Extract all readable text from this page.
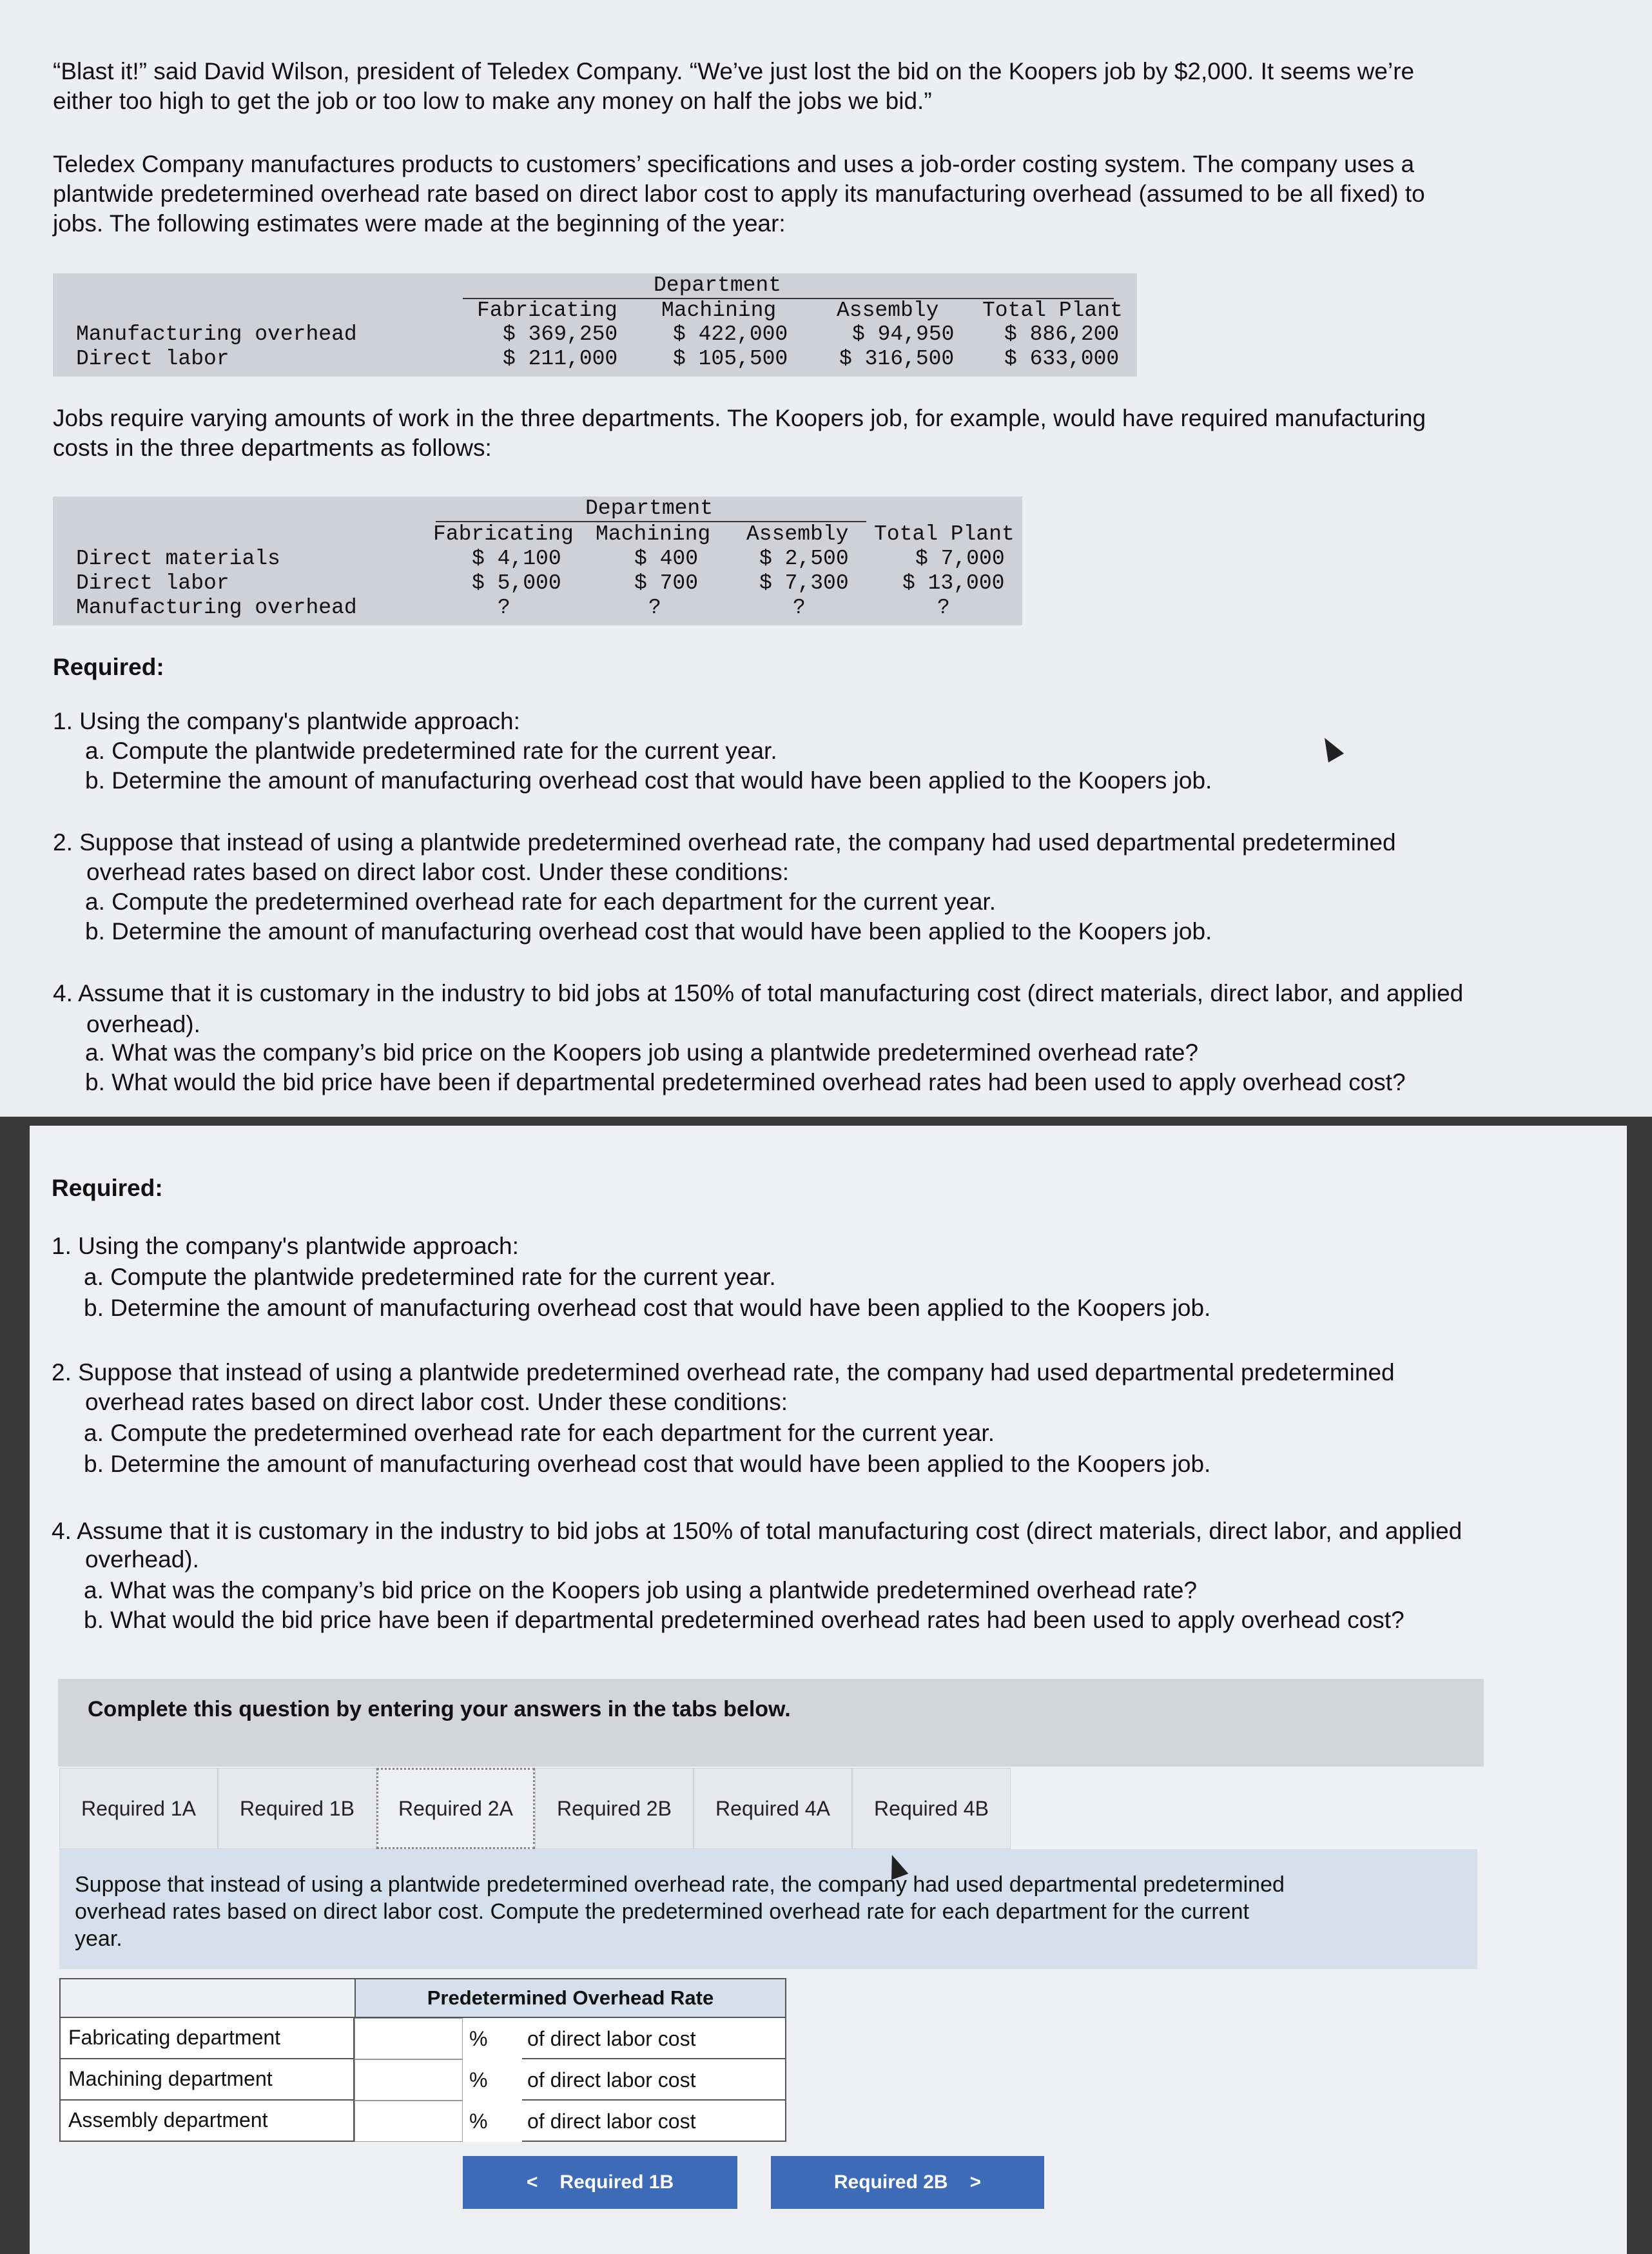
“Blast it!” said David Wilson, president of Teledex Company. “We’ve just lost the bid on the Koopers job by $2,000. It seems we’re
either too high to get the job or too low to make any money on half the jobs we bid.”
Teledex Company manufactures products to customers’ specifications and uses a job-order costing system. The company uses a
plantwide predetermined overhead rate based on direct labor cost to apply its manufacturing overhead (assumed to be all fixed) to
jobs. The following estimates were made at the beginning of the year:
Department
Fabricating Machining	Assembly Total Plant
Manufacturing overhead	$ 369,250	$ 422,000	$ 94,950 $ 886,200
Direct labor	$ 211,000	$ 105,500 $ 316,500 $ 633,000
Jobs require varying amounts of work in the three departments. The Koopers job, for example, would have required manufacturing
costs in the three departments as follows:
Department
Fabricating Machining Assembly Total Plant
Direct materials	$ 4,100	$ 400	$ 2,500	$ 7,000
Direct labor	$ 5,000	$ 700	$ 7,300	$ 13,000
Manufacturing overhead	?	?	?	?
Required:
1. Using the company's plantwide approach:
a. Compute the plantwide predetermined rate for the current year.
b. Determine the amount of manufacturing overhead cost that would have been applied to the Koopers job.
2. Suppose that instead of using a plantwide predetermined overhead rate, the company had used departmental predetermined
overhead rates based on direct labor cost. Under these conditions:
a. Compute the predetermined overhead rate for each department for the current year.
b. Determine the amount of manufacturing overhead cost that would have been applied to the Koopers job.
4. Assume that it is customary in the industry to bid jobs at 150% of total manufacturing cost (direct materials, direct labor, and applied
overhead).
a. What was the company’s bid price on the Koopers job using a plantwide predetermined overhead rate?
b. What would the bid price have been if departmental predetermined overhead rates had been used to apply overhead cost?
Required:
1. Using the company's plantwide approach:
a. Compute the plantwide predetermined rate for the current year.
b. Determine the amount of manufacturing overhead cost that would have been applied to the Koopers job.
2. Suppose that instead of using a plantwide predetermined overhead rate, the company had used departmental predetermined
overhead rates based on direct labor cost. Under these conditions:
a. Compute the predetermined overhead rate for each department for the current year.
b. Determine the amount of manufacturing overhead cost that would have been applied to the Koopers job.
4. Assume that it is customary in the industry to bid jobs at 150% of total manufacturing cost (direct materials, direct labor, and applied
overhead).
a. What was the company’s bid price on the Koopers job using a plantwide predetermined overhead rate?
b. What would the bid price have been if departmental predetermined overhead rates had been used to apply overhead cost?
Complete this question by entering your answers in the tabs below.
Required 1A	Required 1B	Required 2A	Required 2B	Required 4A	Required 4B
Suppose that instead of using a plantwide predetermined overhead rate, the company had used departmental predetermined
overhead rates based on direct labor cost. Compute the predetermined overhead rate for each department for the current
year.
Predetermined Overhead Rate
Fabricating department	%	of direct labor cost
Machining department	%	of direct labor cost
Assembly department	%	of direct labor cost
< Required 1B	Required 2B >
